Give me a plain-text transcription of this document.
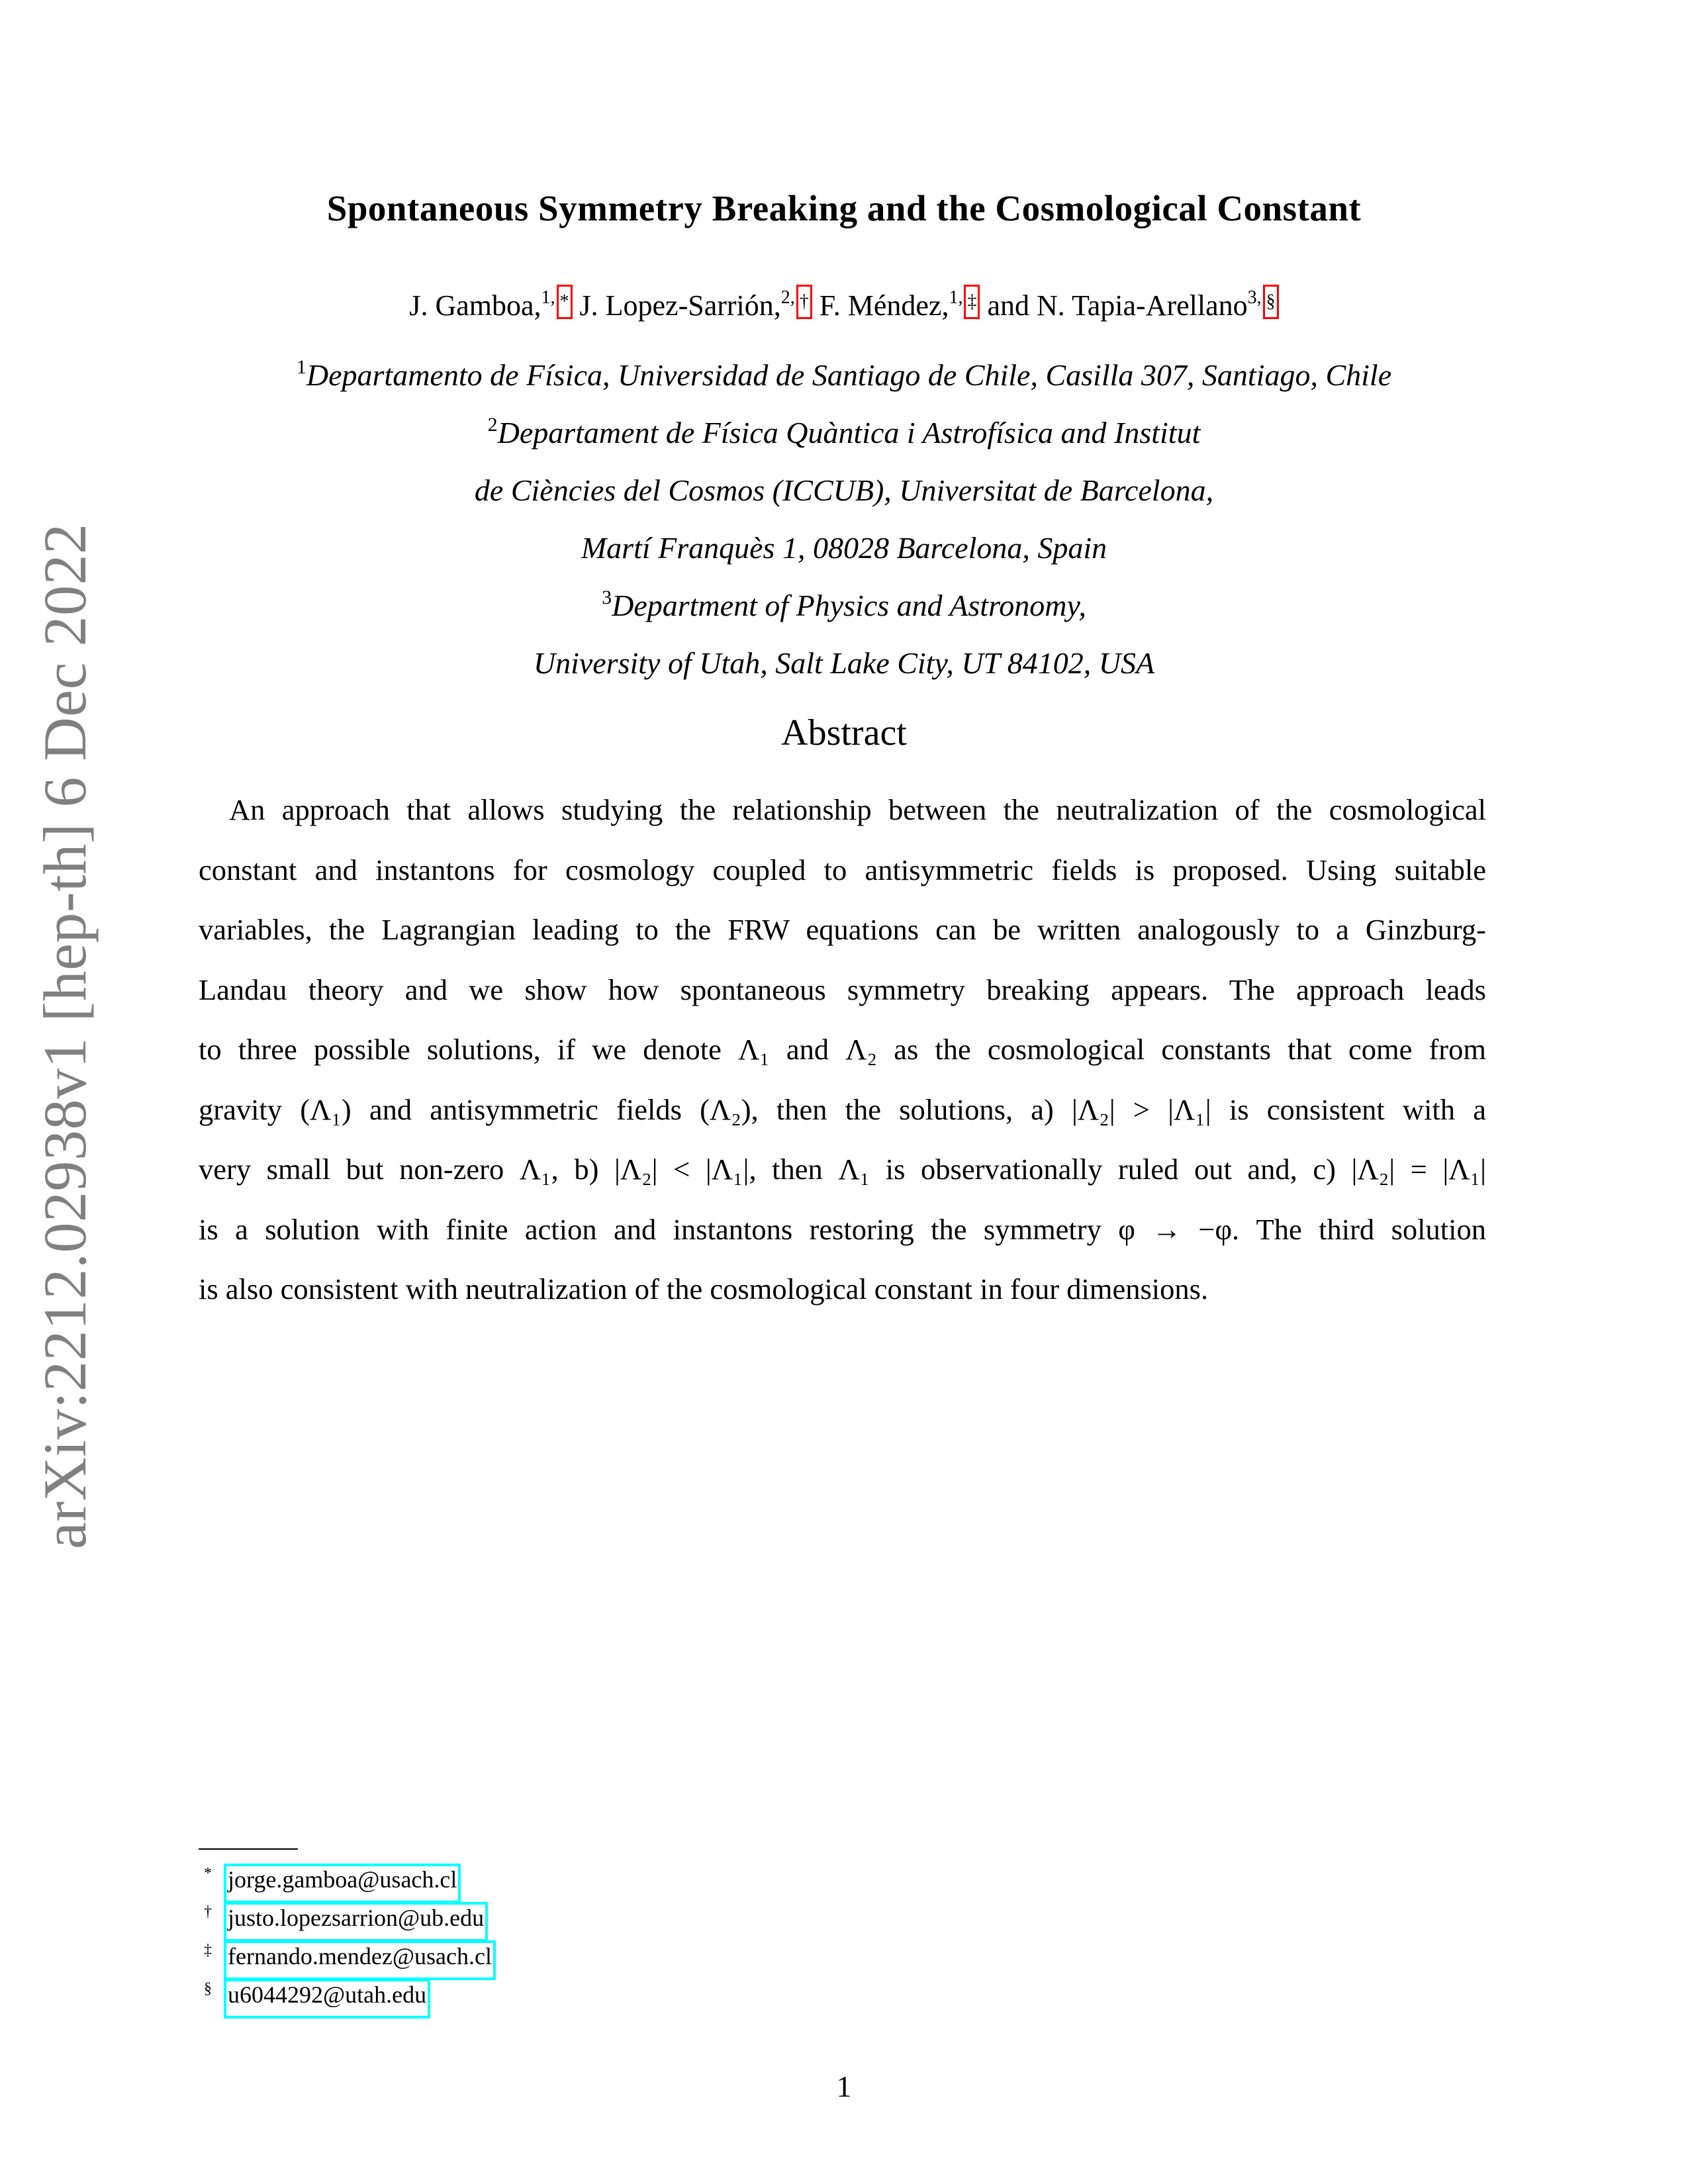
arXiv:2212.02938v1 [hep-th] 6 Dec 2022
Spontaneous Symmetry Breaking and the Cosmological Constant
J. Gamboa,$^{1,}$ * J. Lopez-Sarrión,$^{2,}$ † F. Méndez,$^{1,}$ ‡ and N. Tapia-Arellano$^{3,}$ §
$^1$Departamento de Física, Universidad de Santiago de Chile, Casilla 307, Santiago, Chile
$^2$Departament de Física Quàntica i Astrofísica and Institut
de Ciències del Cosmos (ICCUB), Universitat de Barcelona,
Martí Franquès 1, 08028 Barcelona, Spain
$^3$Department of Physics and Astronomy,
University of Utah, Salt Lake City, UT 84102, USA
Abstract
An approach that allows studying the relationship between the neutralization of the cosmological
constant and instantons for cosmology coupled to antisymmetric fields is proposed. Using suitable
variables, the Lagrangian leading to the FRW equations can be written analogously to a Ginzburg-
Landau theory and we show how spontaneous symmetry breaking appears. The approach leads
to three possible solutions, if we denote Λ₁ and Λ₂ as the cosmological constants that come from
gravity (Λ₁) and antisymmetric fields (Λ₂), then the solutions, a) |Λ₂| > |Λ₁| is consistent with a
very small but non-zero Λ₁, b) |Λ₂| < |Λ₁|, then Λ₁ is observationally ruled out and, c) |Λ₂| = |Λ₁|
is a solution with finite action and instantons restoring the symmetry φ → −φ. The third solution
is also consistent with neutralization of the cosmological constant in four dimensions.
* jorge.gamboa@usach.cl
† justo.lopezsarrion@ub.edu
‡ fernando.mendez@usach.cl
§ u6044292@utah.edu
1
